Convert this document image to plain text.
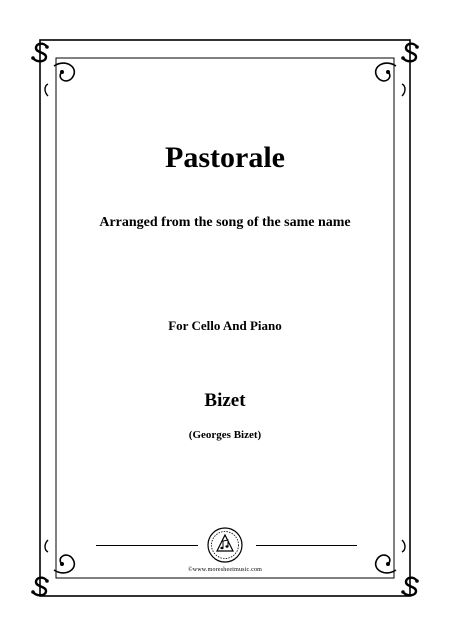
Pastorale
Arranged from the song of the same name
For Cello And Piano
Bizet
(Georges Bizet)
©www.moresheetmusic.com
